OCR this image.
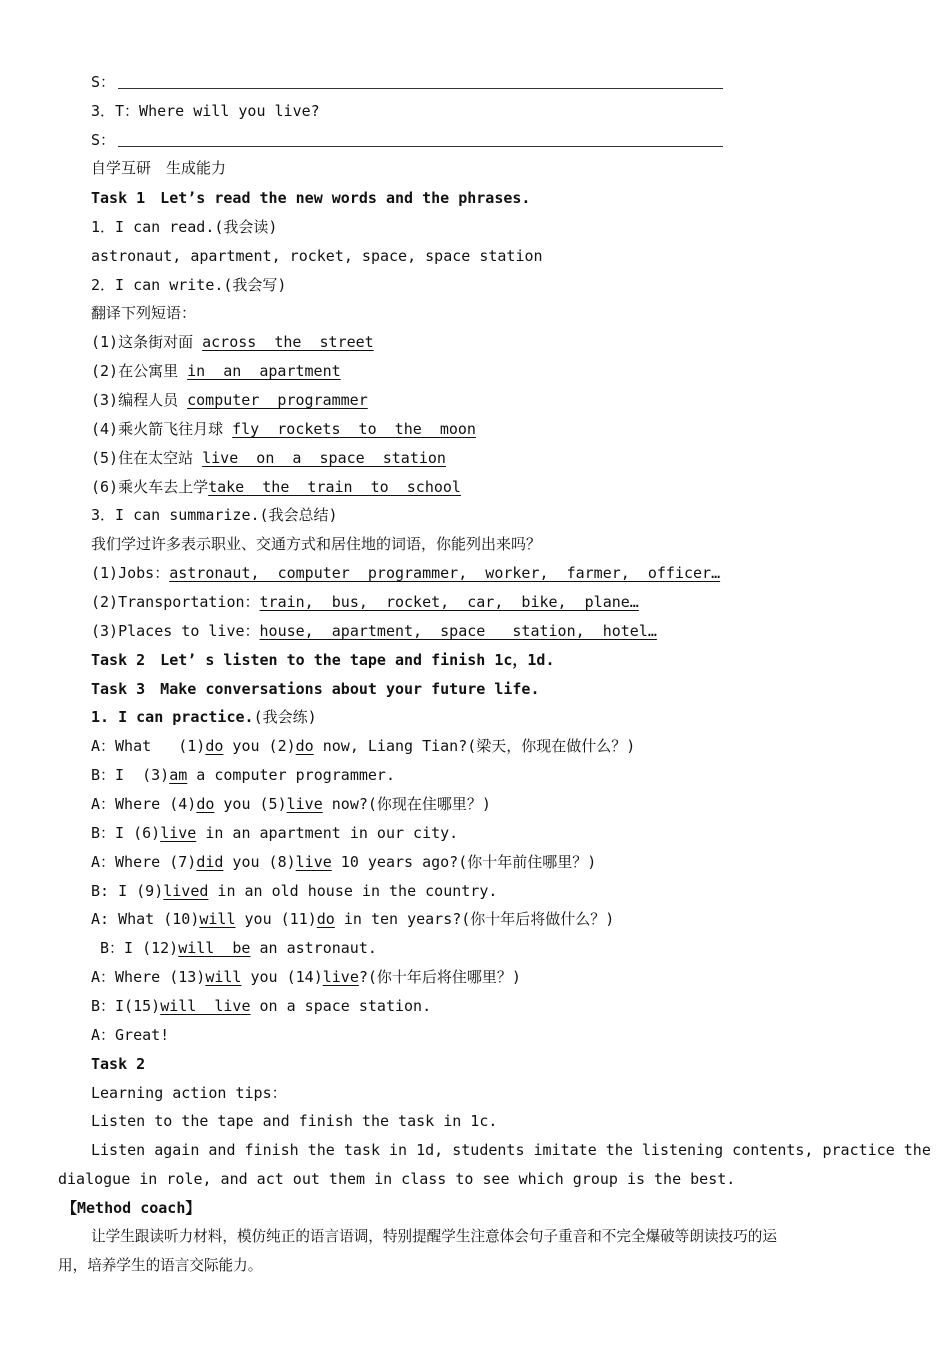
S：
3．T：Where will you live?
S：
自学互研　生成能力
Task 1　Let’s read the new words and the phrases.
1．I can read.(我会读)
astronaut, apartment, rocket, space, space station
2．I can write.(我会写)
翻译下列短语：
(1)这条街对面 across  the  street
(2)在公寓里 in  an  apartment
(3)编程人员 computer  programmer
(4)乘火箭飞往月球 fly  rockets  to  the  moon
(5)住在太空站 live  on  a  space  station
(6)乘火车去上学take  the  train  to  school
3．I can summarize.(我会总结)
我们学过许多表示职业、交通方式和居住地的词语，你能列出来吗？
(1)Jobs：astronaut,  computer  programmer,  worker,  farmer,  officer…
(2)Transportation：train,  bus,  rocket,  car,  bike,  plane…
(3)Places to live：house,  apartment,  space   station,  hotel…
Task 2　Let’ s listen to the tape and finish 1c，1d.
Task 3　Make conversations about your future life.
1. I can practice.(我会练)
A：What   (1)do you (2)do now, Liang Tian?(梁天，你现在做什么？)
B：I  (3)am a computer programmer.
A：Where (4)do you (5)live now?(你现在住哪里？)
B：I (6)live in an apartment in our city.
A：Where (7)did you (8)live 10 years ago?(你十年前住哪里？)
B: I (9)lived in an old house in the country.
A: What (10)will you (11)do in ten years?(你十年后将做什么？)
B：I (12)will  be an astronaut.
A：Where (13)will you (14)live?(你十年后将住哪里？)
B：I(15)will  live on a space station.
A：Great!
Task 2
Learning action tips：
Listen to the tape and finish the task in 1c.
Listen again and finish the task in 1d, students imitate the listening contents, practice the
dialogue in role, and act out them in class to see which group is the best.
【Method coach】
让学生跟读听力材料，模仿纯正的语言语调，特别提醒学生注意体会句子重音和不完全爆破等朗读技巧的运
用，培养学生的语言交际能力。
